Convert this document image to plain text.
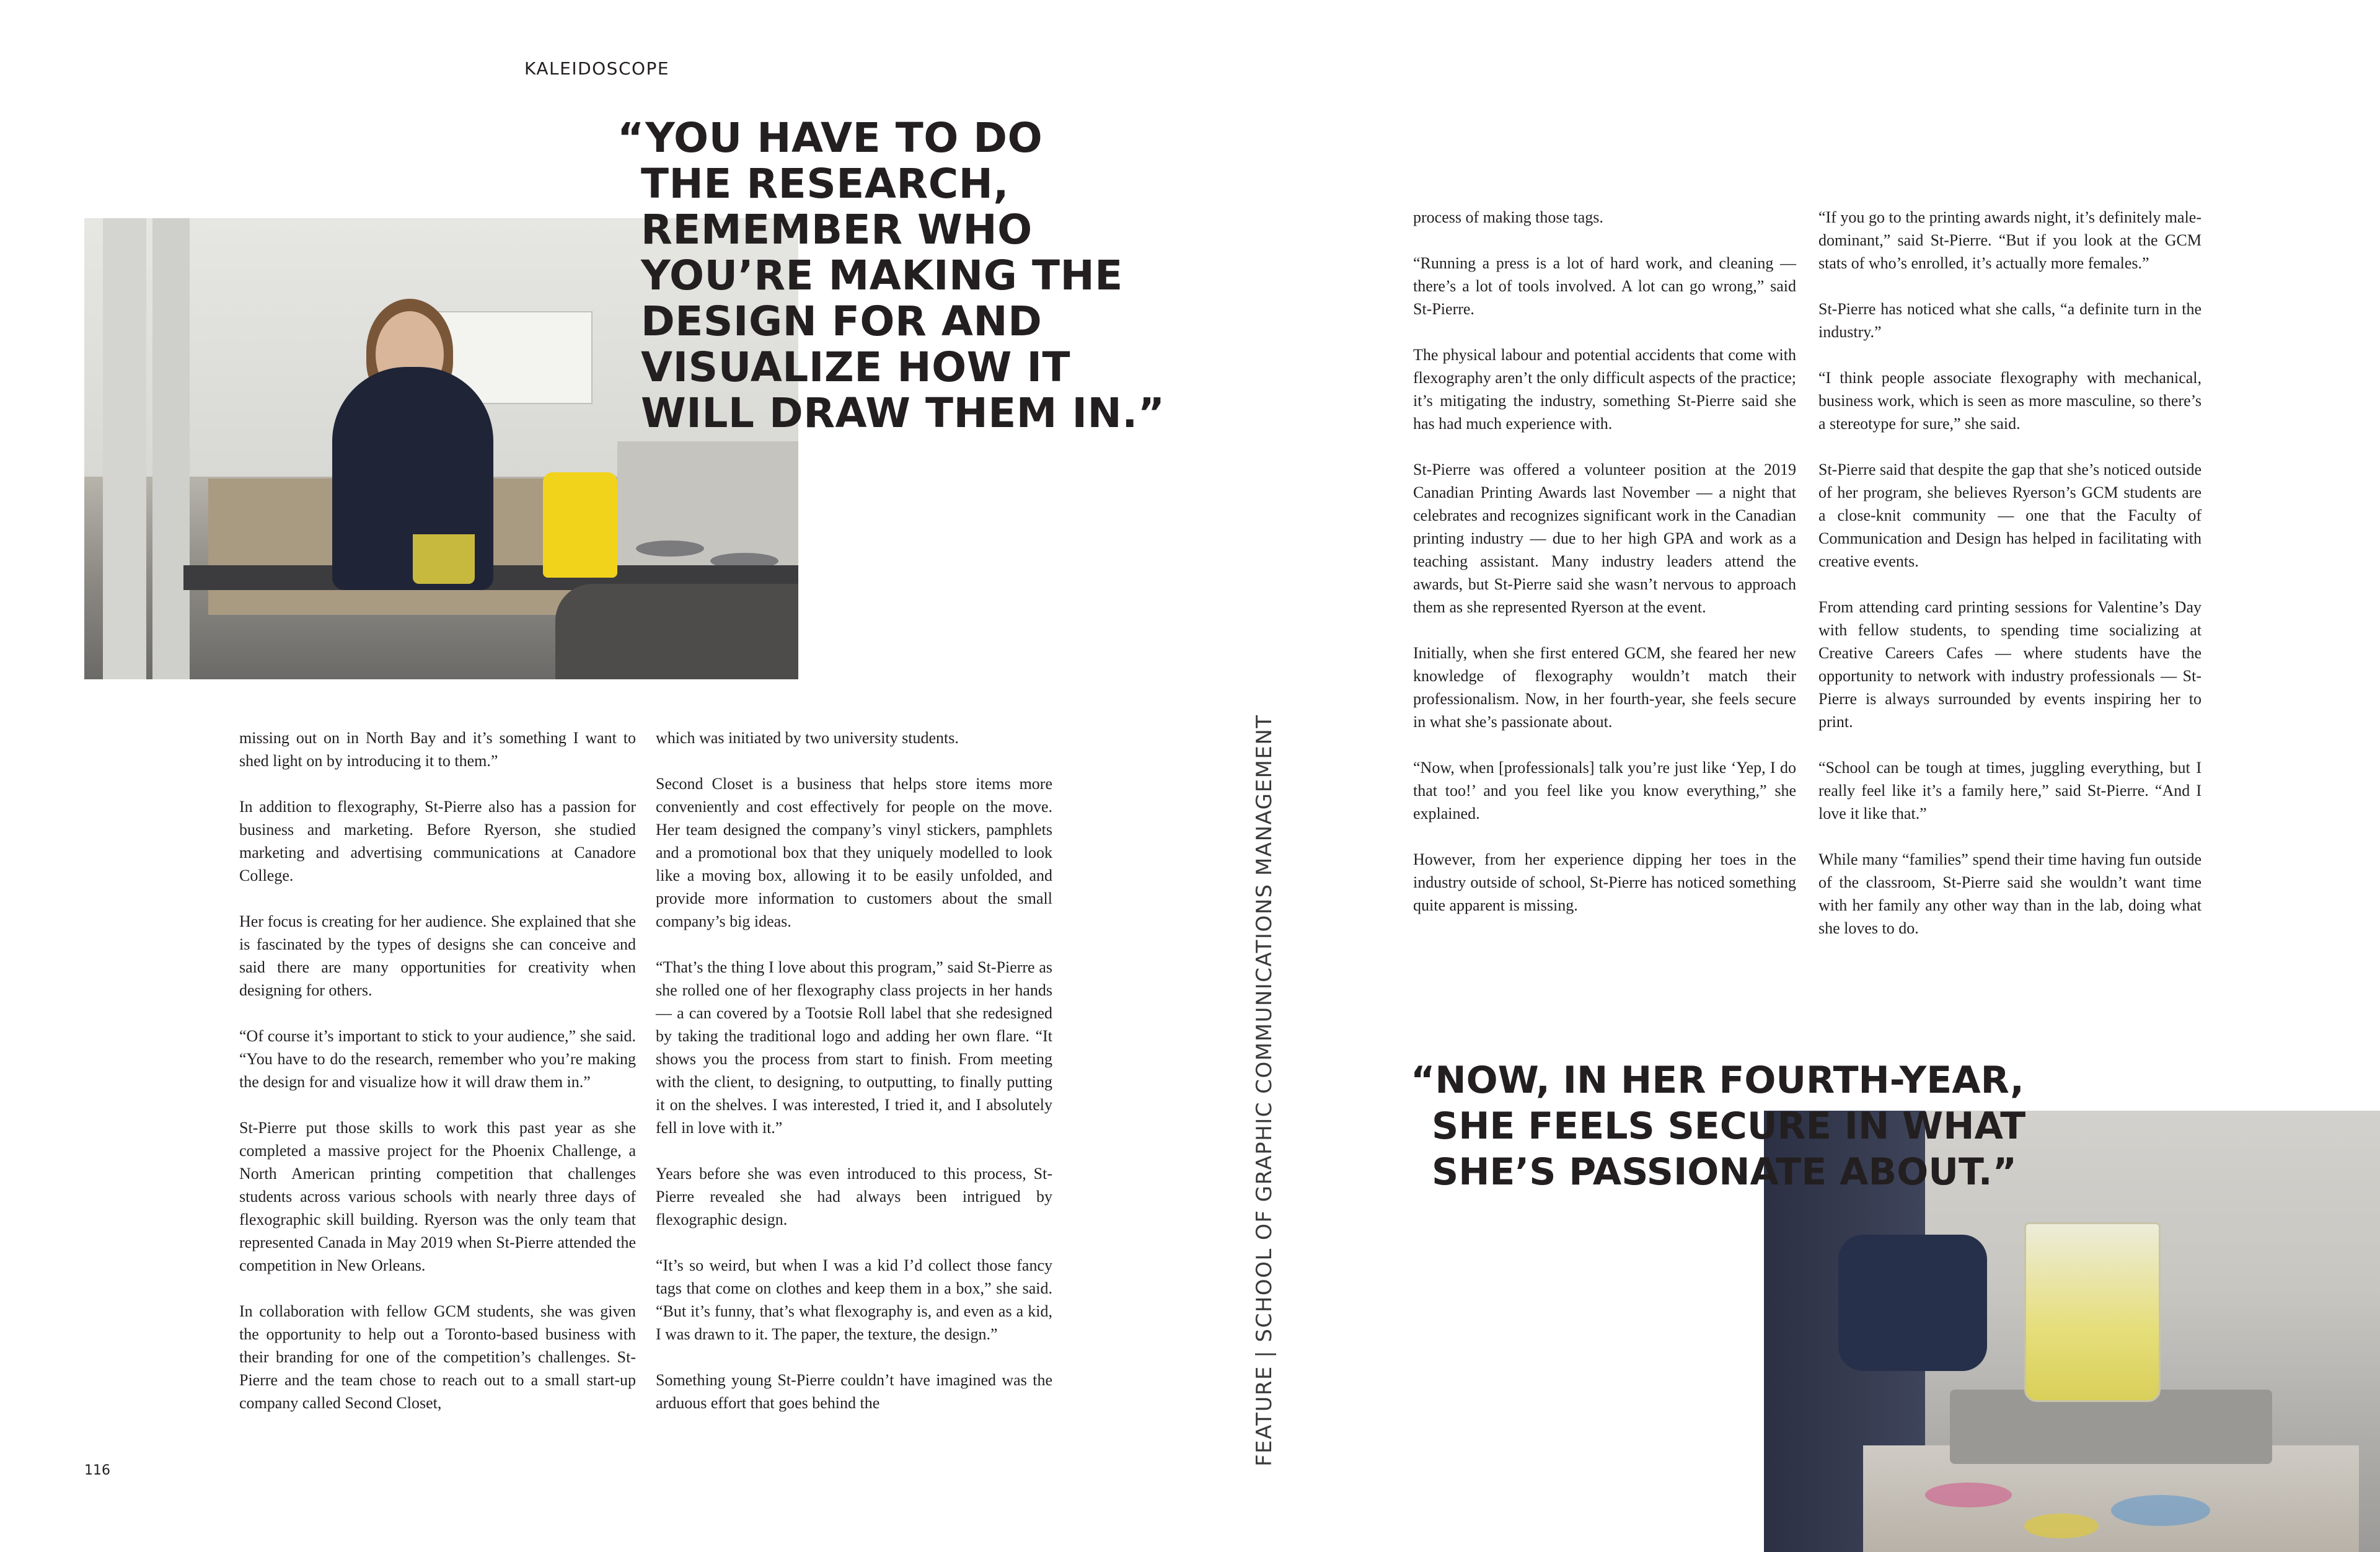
KALEIDOSCOPE
“YOU HAVE TO DO
THE RESEARCH,
REMEMBER WHO
YOU’RE MAKING THE
DESIGN FOR AND
VISUALIZE HOW IT
WILL DRAW THEM IN.”

missing out on in North Bay and it’s something I want to shed light on by introducing it to them.”

In addition to flexography, St-Pierre also has a passion for business and marketing. Before Ryerson, she studied marketing and advertising communications at Canadore College.

Her focus is creating for her audience. She explained that she is fascinated by the types of designs she can conceive and said there are many opportunities for creativity when designing for others.

“Of course it’s important to stick to your audience,” she said. “You have to do the research, remember who you’re making the design for and visualize how it will draw them in.”

St-Pierre put those skills to work this past year as she completed a massive project for the Phoenix Challenge, a North American printing competition that challenges students across various schools with nearly three days of flexographic skill building. Ryerson was the only team that represented Canada in May 2019 when St-Pierre attended the competition in New Orleans.

In collaboration with fellow GCM students, she was given the opportunity to help out a Toronto-based business with their branding for one of the competition’s challenges. St-Pierre and the team chose to reach out to a small start-up company called Second Closet,

which was initiated by two university students.

Second Closet is a business that helps store items more conveniently and cost effectively for people on the move. Her team designed the company’s vinyl stickers, pamphlets and a promotional box that they uniquely modelled to look like a moving box, allowing it to be easily unfolded, and provide more information to customers about the small company’s big ideas.

“That’s the thing I love about this program,” said St-Pierre as she rolled one of her flexography class projects in her hands — a can covered by a Tootsie Roll label that she redesigned by taking the traditional logo and adding her own flare. “It shows you the process from start to finish. From meeting with the client, to designing, to outputting, to finally putting it on the shelves. I was interested, I tried it, and I absolutely fell in love with it.”

Years before she was even introduced to this process, St-Pierre revealed she had always been intrigued by flexographic design.

“It’s so weird, but when I was a kid I’d collect those fancy tags that come on clothes and keep them in a box,” she said. “But it’s funny, that’s what flexography is, and even as a kid, I was drawn to it. The paper, the texture, the design.”

Something young St-Pierre couldn’t have imagined was the arduous effort that goes behind the

116
FEATURE | SCHOOL OF GRAPHIC COMMUNICATIONS MANAGEMENT

process of making those tags.

“Running a press is a lot of hard work, and cleaning — there’s a lot of tools involved. A lot can go wrong,” said St-Pierre.

The physical labour and potential accidents that come with flexography aren’t the only difficult aspects of the practice; it’s mitigating the industry, something St-Pierre said she has had much experience with.

St-Pierre was offered a volunteer position at the 2019 Canadian Printing Awards last November — a night that celebrates and recognizes significant work in the Canadian printing industry — due to her high GPA and work as a teaching assistant. Many industry leaders attend the awards, but St-Pierre said she wasn’t nervous to approach them as she represented Ryerson at the event.

Initially, when she first entered GCM, she feared her new knowledge of flexography wouldn’t match their professionalism. Now, in her fourth-year, she feels secure in what she’s passionate about.

“Now, when [professionals] talk you’re just like ‘Yep, I do that too!’ and you feel like you know everything,” she explained.

However, from her experience dipping her toes in the industry outside of school, St-Pierre has noticed something quite apparent is missing.

“If you go to the printing awards night, it’s definitely male-dominant,” said St-Pierre. “But if you look at the GCM stats of who’s enrolled, it’s actually more females.”

St-Pierre has noticed what she calls, “a definite turn in the industry.”

“I think people associate flexography with mechanical, business work, which is seen as more masculine, so there’s a stereotype for sure,” she said.

St-Pierre said that despite the gap that she’s noticed outside of her program, she believes Ryerson’s GCM students are a close-knit community — one that the Faculty of Communication and Design has helped in facilitating with creative events.

From attending card printing sessions for Valentine’s Day with fellow students, to spending time socializing at Creative Careers Cafes — where students have the opportunity to network with industry professionals — St-Pierre is always surrounded by events inspiring her to print.

“School can be tough at times, juggling everything, but I really feel like it’s a family here,” said St-Pierre. “And I love it like that.”

While many “families” spend their time having fun outside of the classroom, St-Pierre said she wouldn’t want time with her family any other way than in the lab, doing what she loves to do.

“NOW, IN HER FOURTH-YEAR,
SHE FEELS SECURE IN WHAT
SHE’S PASSIONATE ABOUT.”
